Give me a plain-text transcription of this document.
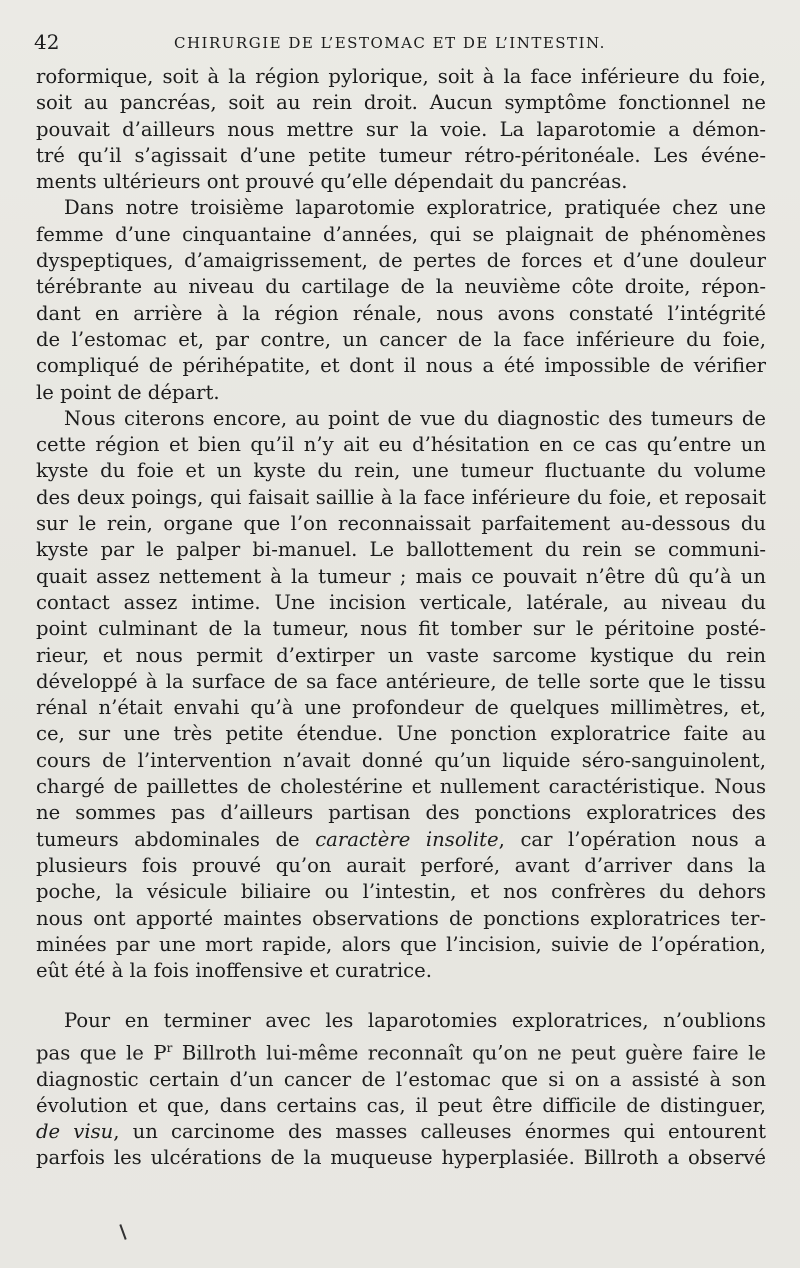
42	CHIRURGIE DE L’ESTOMAC ET DE L’INTESTIN.

roformique, soit à la région pylorique, soit à la face inférieure du foie,
soit au pancréas, soit au rein droit. Aucun symptôme fonctionnel ne
pouvait d’ailleurs nous mettre sur la voie. La laparotomie a démon-
tré qu’il s’agissait d’une petite tumeur rétro-péritonéale. Les événe-
ments ultérieurs ont prouvé qu’elle dépendait du pancréas.

Dans notre troisième laparotomie exploratrice, pratiquée chez une
femme d’une cinquantaine d’années, qui se plaignait de phénomènes
dyspeptiques, d’amaigrissement, de pertes de forces et d’une douleur
térébrante au niveau du cartilage de la neuvième côte droite, répon-
dant en arrière à la région rénale, nous avons constaté l’intégrité
de l’estomac et, par contre, un cancer de la face inférieure du foie,
compliqué de périhépatite, et dont il nous a été impossible de vérifier
le point de départ.

Nous citerons encore, au point de vue du diagnostic des tumeurs de
cette région et bien qu’il n’y ait eu d’hésitation en ce cas qu’entre un
kyste du foie et un kyste du rein, une tumeur fluctuante du volume
des deux poings, qui faisait saillie à la face inférieure du foie, et reposait
sur le rein, organe que l’on reconnaissait parfaitement au-dessous du
kyste par le palper bi-manuel. Le ballottement du rein se communi-
quait assez nettement à la tumeur ; mais ce pouvait n’être dû qu’à un
contact assez intime. Une incision verticale, latérale, au niveau du
point culminant de la tumeur, nous fit tomber sur le péritoine posté-
rieur, et nous permit d’extirper un vaste sarcome kystique du rein
développé à la surface de sa face antérieure, de telle sorte que le tissu
rénal n’était envahi qu’à une profondeur de quelques millimètres, et,
ce, sur une très petite étendue. Une ponction exploratrice faite au
cours de l’intervention n’avait donné qu’un liquide séro-sanguinolent,
chargé de paillettes de cholestérine et nullement caractéristique. Nous
ne sommes pas d’ailleurs partisan des ponctions exploratrices des
tumeurs abdominales de caractère insolite, car l’opération nous a
plusieurs fois prouvé qu’on aurait perforé, avant d’arriver dans la
poche, la vésicule biliaire ou l’intestin, et nos confrères du dehors
nous ont apporté maintes observations de ponctions exploratrices ter-
minées par une mort rapide, alors que l’incision, suivie de l’opération,
eût été à la fois inoffensive et curatrice.

Pour en terminer avec les laparotomies exploratrices, n’oublions
pas que le $P^r$ Billroth lui-même reconnaît qu’on ne peut guère faire le
diagnostic certain d’un cancer de l’estomac que si on a assisté à son
évolution et que, dans certains cas, il peut être difficile de distinguer,
de visu, un carcinome des masses calleuses énormes qui entourent
parfois les ulcérations de la muqueuse hyperplasiée. Billroth a observé
